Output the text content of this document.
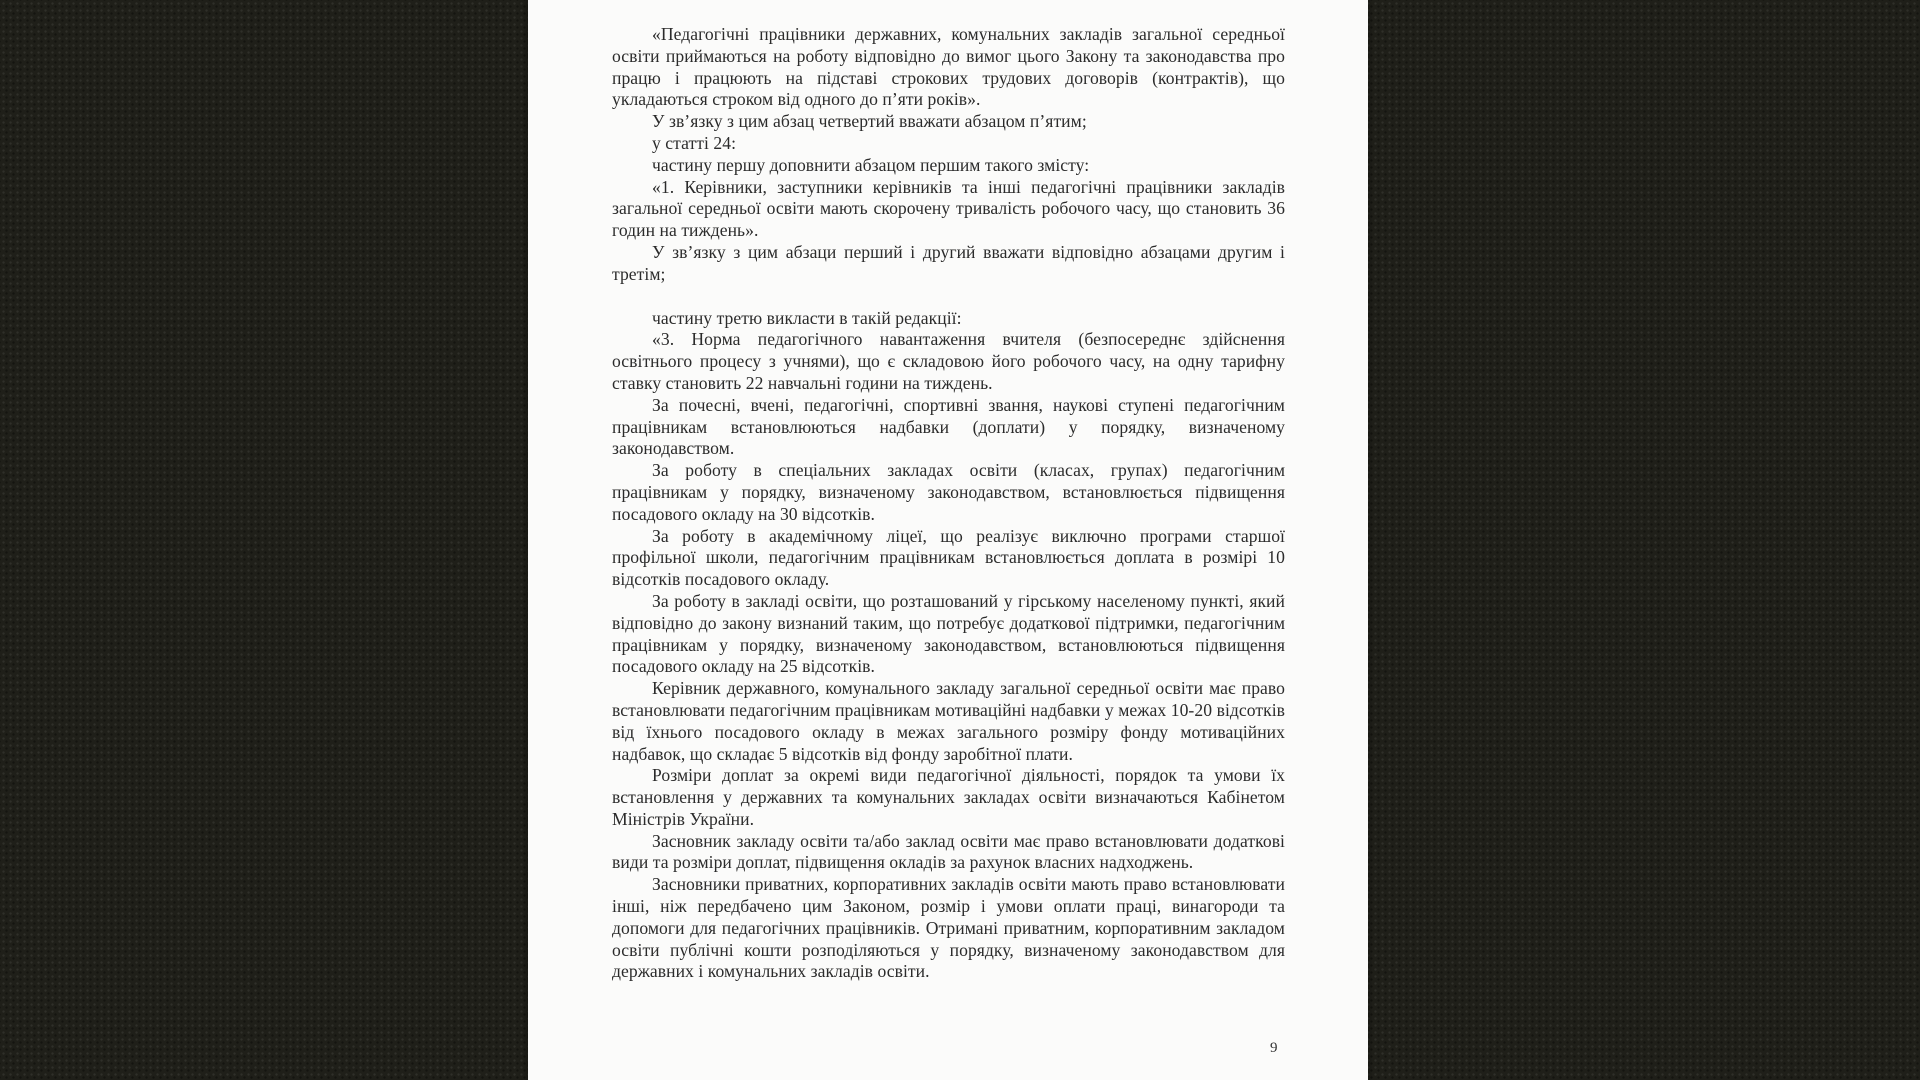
«Педагогічні працівники державних, комунальних закладів загальної середньої освіти приймаються на роботу відповідно до вимог цього Закону та законодавства про працю і працюють на підставі строкових трудових договорів (контрактів), що укладаються строком від одного до п’яти років».

У зв’язку з цим абзац четвертий вважати абзацом п’ятим;

у статті 24:

частину першу доповнити абзацом першим такого змісту:

«1. Керівники, заступники керівників та інші педагогічні працівники закладів загальної середньої освіти мають скорочену тривалість робочого часу, що становить 36 годин на тиждень».

У зв’язку з цим абзаци перший і другий вважати відповідно абзацами другим і третім;

частину третю викласти в такій редакції:

«3. Норма педагогічного навантаження вчителя (безпосереднє здійснення освітнього процесу з учнями), що є складовою його робочого часу, на одну тарифну ставку становить 22 навчальні години на тиждень.

За почесні, вчені, педагогічні, спортивні звання, наукові ступені педагогічним працівникам встановлюються надбавки (доплати) у порядку, визначеному законодавством.

За роботу в спеціальних закладах освіти (класах, групах) педагогічним працівникам у порядку, визначеному законодавством, встановлюється підвищення посадового окладу на 30 відсотків.

За роботу в академічному ліцеї, що реалізує виключно програми старшої профільної школи, педагогічним працівникам встановлюється доплата в розмірі 10 відсотків посадового окладу.

За роботу в закладі освіти, що розташований у гірському населеному пункті, який відповідно до закону визнаний таким, що потребує додаткової підтримки, педагогічним працівникам у порядку, визначеному законодавством, встановлюються підвищення посадового окладу на 25 відсотків.

Керівник державного, комунального закладу загальної середньої освіти має право встановлювати педагогічним працівникам мотиваційні надбавки у межах 10-20 відсотків від їхнього посадового окладу в межах загального розміру фонду мотиваційних надбавок, що складає 5 відсотків від фонду заробітної плати.

Розміри доплат за окремі види педагогічної діяльності, порядок та умови їх встановлення у державних та комунальних закладах освіти визначаються Кабінетом Міністрів України.

Засновник закладу освіти та/або заклад освіти має право встановлювати додаткові види та розміри доплат, підвищення окладів за рахунок власних надходжень.

Засновники приватних, корпоративних закладів освіти мають право встановлювати інші, ніж передбачено цим Законом, розмір і умови оплати праці, винагороди та допомоги для педагогічних працівників. Отримані приватним, корпоративним закладом освіти публічні кошти розподіляються у порядку, визначеному законодавством для державних і комунальних закладів освіти.

9
